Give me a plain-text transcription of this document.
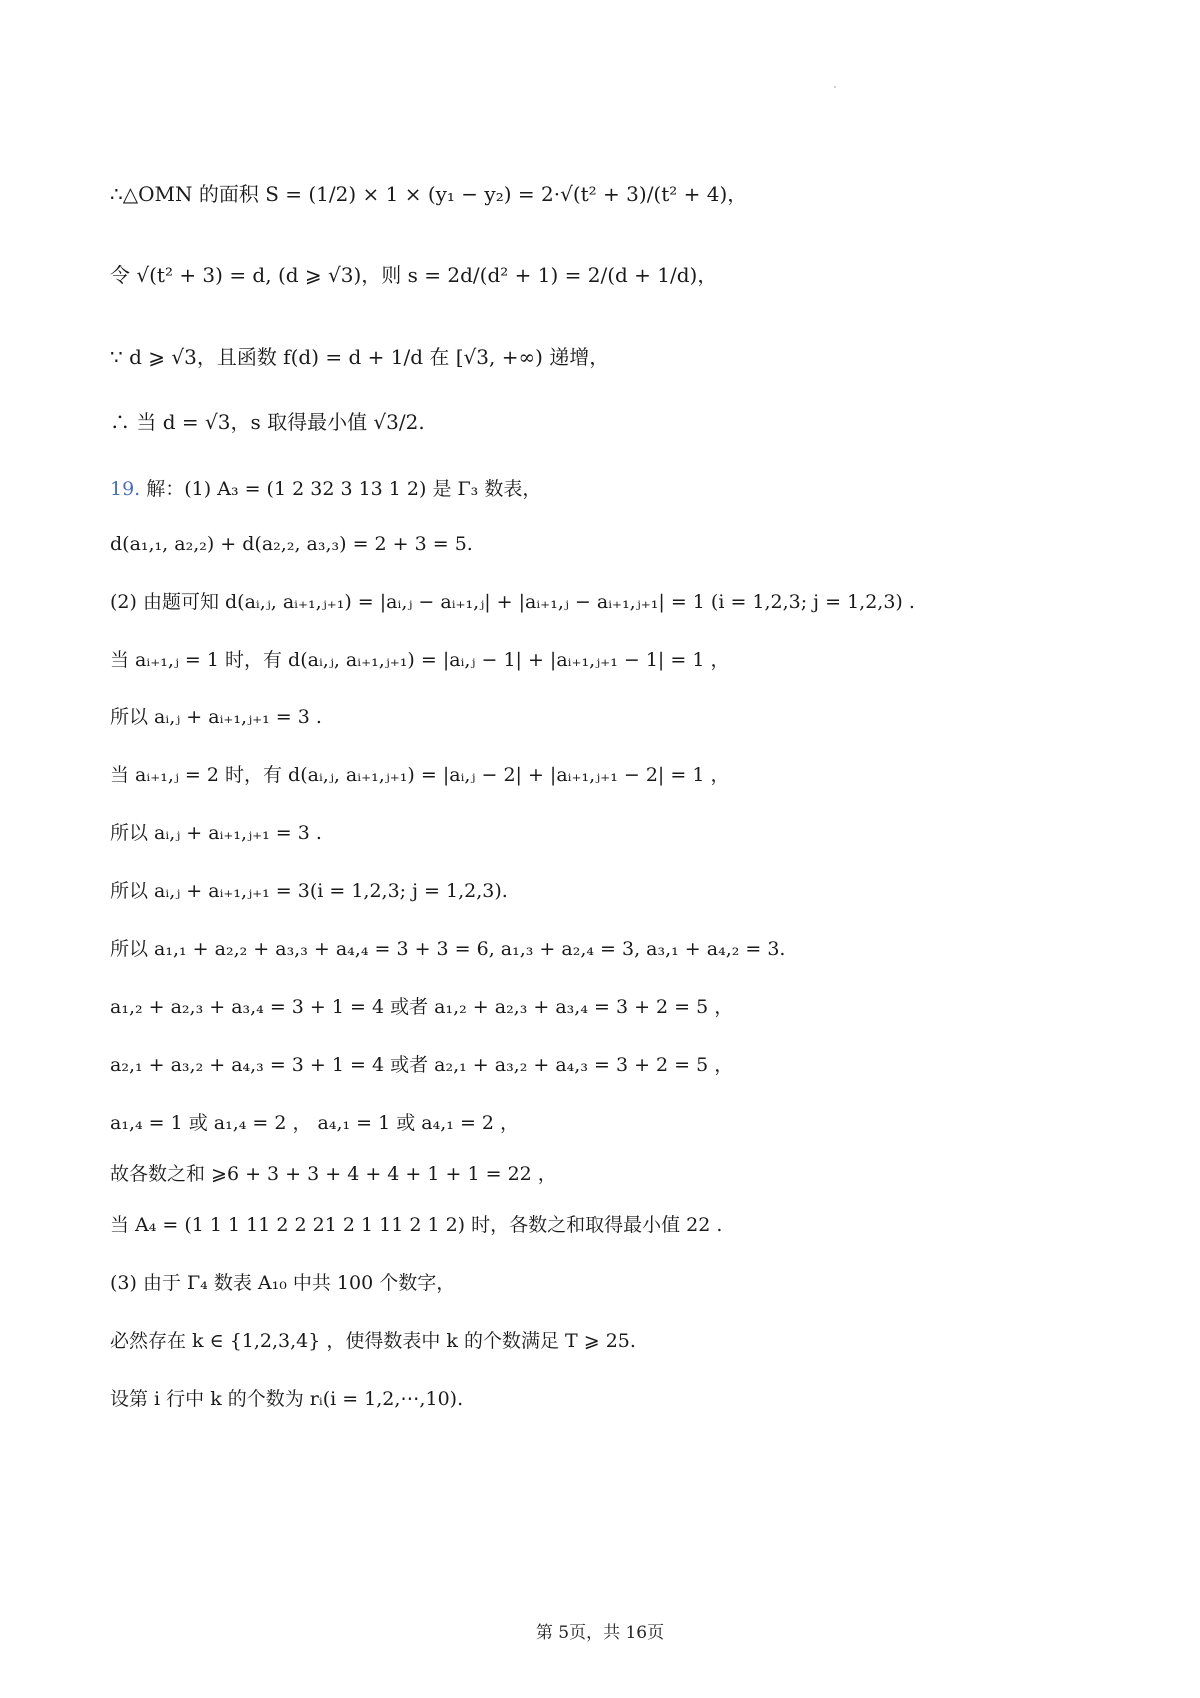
∴△OMN 的面积 S = (1/2) × 1 × (y₁ − y₂) = 2·√(t² + 3)/(t² + 4)，
令 √(t² + 3) = d, (d ⩾ √3)，则 s = 2d/(d² + 1) = 2/(d + 1/d)，
∵ d ⩾ √3，且函数 f(d) = d + 1/d 在 [√3, +∞) 递增，
∴ 当 d = √3，s 取得最小值 √3/2.
19. 解：(1) A₃ = (1 2 32 3 13 1 2) 是 Γ₃ 数表，
d(a₁,₁, a₂,₂) + d(a₂,₂, a₃,₃) = 2 + 3 = 5.
(2) 由题可知 d(aᵢ,ⱼ, aᵢ₊₁,ⱼ₊₁) = |aᵢ,ⱼ − aᵢ₊₁,ⱼ| + |aᵢ₊₁,ⱼ − aᵢ₊₁,ⱼ₊₁| = 1 (i = 1,2,3; j = 1,2,3) .
当 aᵢ₊₁,ⱼ = 1 时，有 d(aᵢ,ⱼ, aᵢ₊₁,ⱼ₊₁) = |aᵢ,ⱼ − 1| + |aᵢ₊₁,ⱼ₊₁ − 1| = 1 ，
所以 aᵢ,ⱼ + aᵢ₊₁,ⱼ₊₁ = 3 .
当 aᵢ₊₁,ⱼ = 2 时，有 d(aᵢ,ⱼ, aᵢ₊₁,ⱼ₊₁) = |aᵢ,ⱼ − 2| + |aᵢ₊₁,ⱼ₊₁ − 2| = 1 ，
所以 aᵢ,ⱼ + aᵢ₊₁,ⱼ₊₁ = 3 .
所以 aᵢ,ⱼ + aᵢ₊₁,ⱼ₊₁ = 3(i = 1,2,3; j = 1,2,3).
所以 a₁,₁ + a₂,₂ + a₃,₃ + a₄,₄ = 3 + 3 = 6, a₁,₃ + a₂,₄ = 3, a₃,₁ + a₄,₂ = 3.
a₁,₂ + a₂,₃ + a₃,₄ = 3 + 1 = 4 或者 a₁,₂ + a₂,₃ + a₃,₄ = 3 + 2 = 5 ，
a₂,₁ + a₃,₂ + a₄,₃ = 3 + 1 = 4 或者 a₂,₁ + a₃,₂ + a₄,₃ = 3 + 2 = 5 ，
a₁,₄ = 1 或 a₁,₄ = 2 ， a₄,₁ = 1 或 a₄,₁ = 2 ，
故各数之和 ⩾6 + 3 + 3 + 4 + 4 + 1 + 1 = 22 ，
当 A₄ = (1 1 1 11 2 2 21 2 1 11 2 1 2) 时，各数之和取得最小值 22 .
(3) 由于 Γ₄ 数表 A₁₀ 中共 100 个数字，
必然存在 k ∈ {1,2,3,4} ，使得数表中 k 的个数满足 T ⩾ 25.
设第 i 行中 k 的个数为 rᵢ(i = 1,2,⋯,10).
第 5页，共 16页
